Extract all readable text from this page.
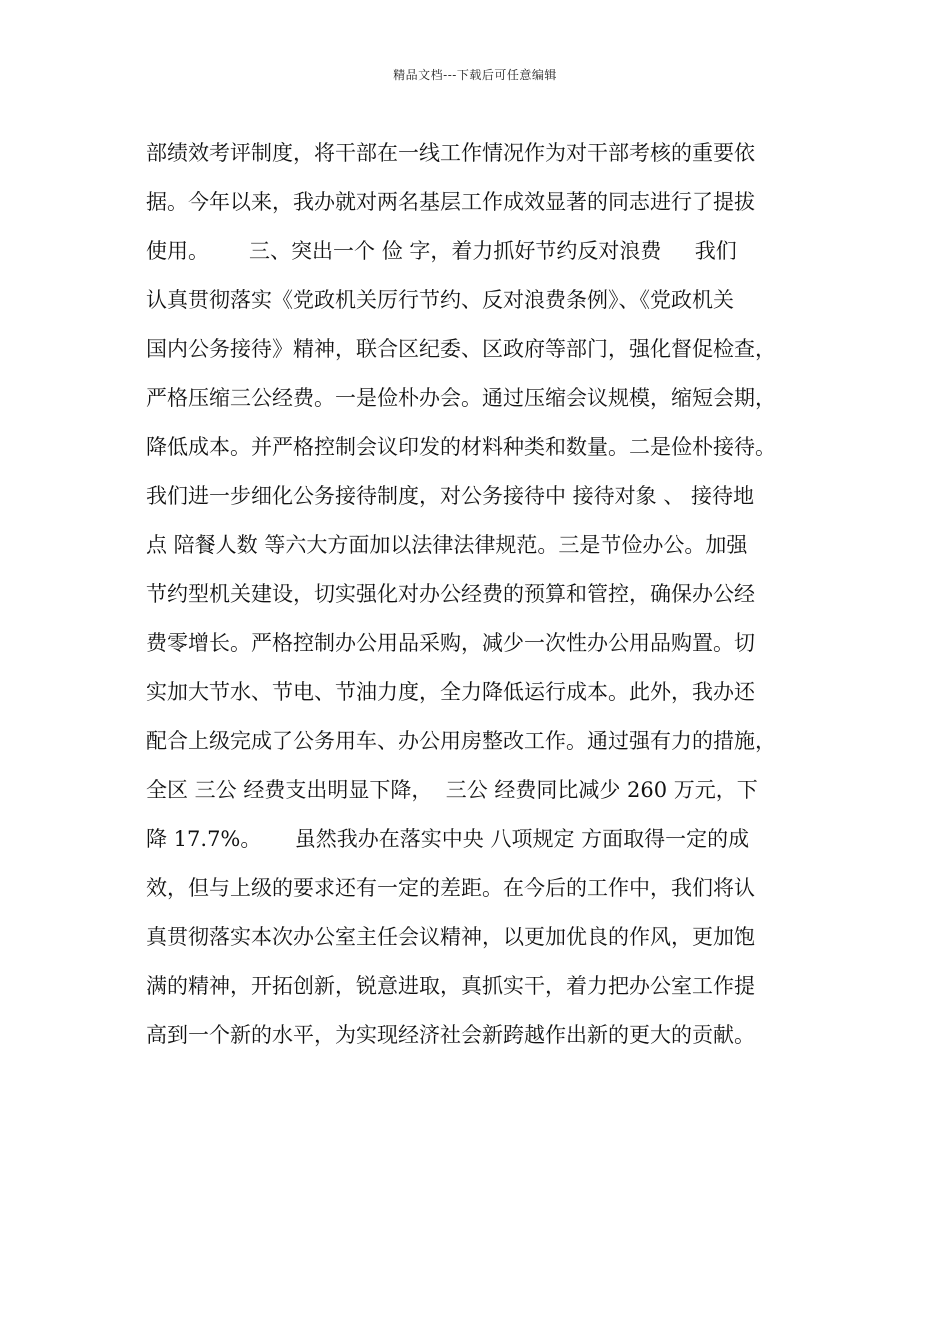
精品文档---下载后可任意编辑
部绩效考评制度，将干部在一线工作情况作为对干部考核的重要依
据。今年以来，我办就对两名基层工作成效显著的同志进行了提拔
使用。      三、突出一个 俭 字，着力抓好节约反对浪费     我们
认真贯彻落实《党政机关厉行节约、反对浪费条例》、《党政机关
国内公务接待》精神，联合区纪委、区政府等部门，强化督促检查，
严格压缩三公经费。一是俭朴办会。通过压缩会议规模，缩短会期，
降低成本。并严格控制会议印发的材料种类和数量。二是俭朴接待。
我们进一步细化公务接待制度，对公务接待中 接待对象 、 接待地
点 陪餐人数 等六大方面加以法律法律规范。三是节俭办公。加强
节约型机关建设，切实强化对办公经费的预算和管控，确保办公经
费零增长。严格控制办公用品采购，减少一次性办公用品购置。切
实加大节水、节电、节油力度，全力降低运行成本。此外，我办还
配合上级完成了公务用车、办公用房整改工作。通过强有力的措施，
全区 三公 经费支出明显下降，  三公 经费同比减少 260 万元，下
降 17.7%。     虽然我办在落实中央 八项规定 方面取得一定的成
效，但与上级的要求还有一定的差距。在今后的工作中，我们将认
真贯彻落实本次办公室主任会议精神，以更加优良的作风，更加饱
满的精神，开拓创新，锐意进取，真抓实干，着力把办公室工作提
高到一个新的水平，为实现经济社会新跨越作出新的更大的贡献。
